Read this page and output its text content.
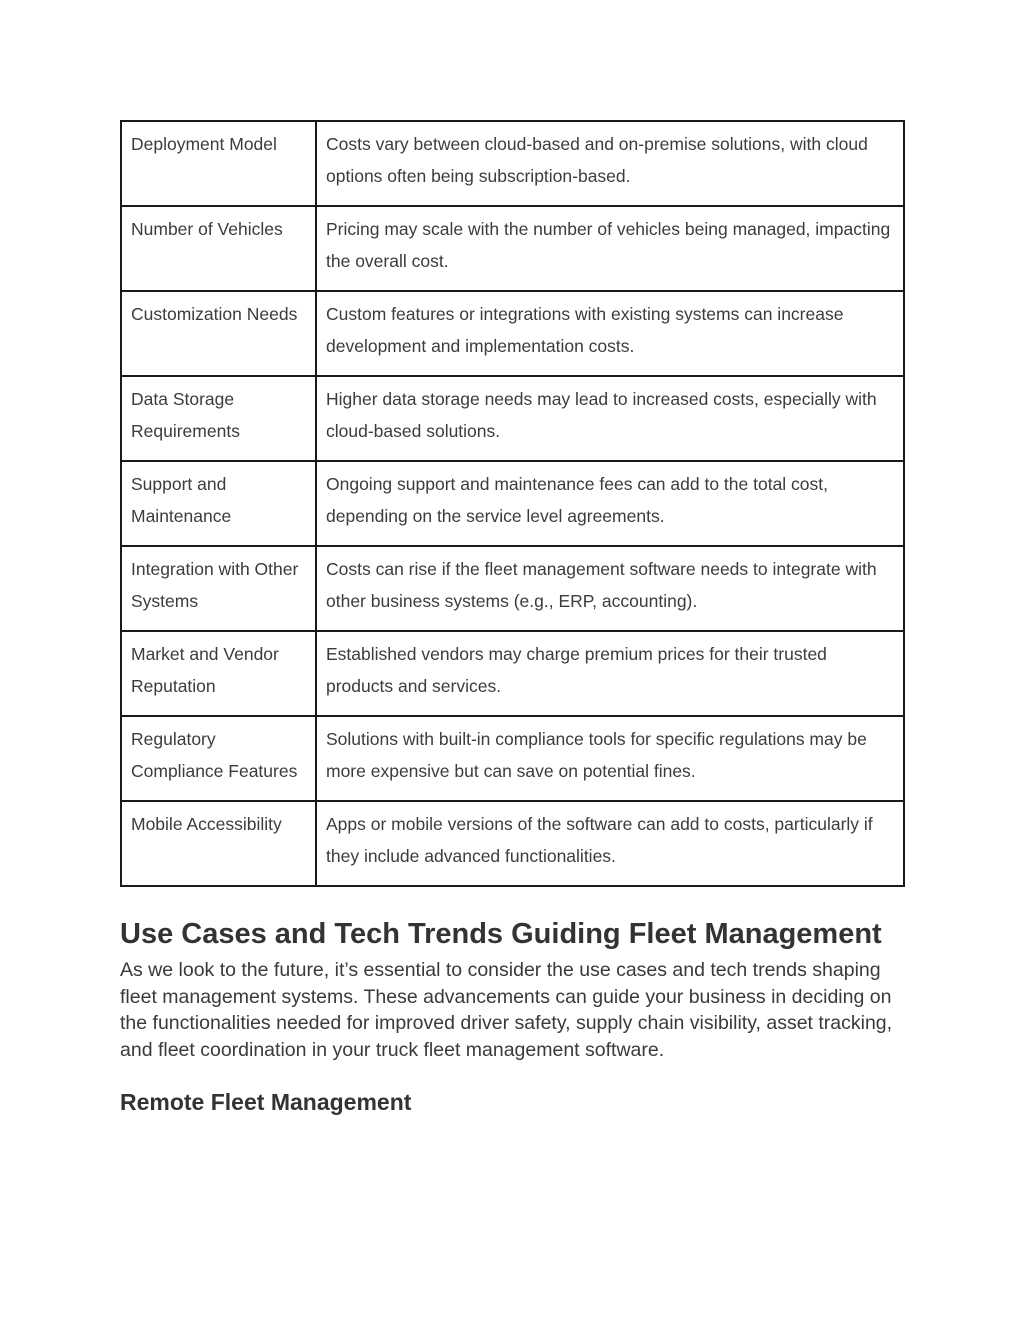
Deployment Model	Costs vary between cloud-based and on-premise solutions, with cloud options often being subscription-based.
Number of Vehicles	Pricing may scale with the number of vehicles being managed, impacting the overall cost.
Customization Needs	Custom features or integrations with existing systems can increase development and implementation costs.
Data Storage Requirements	Higher data storage needs may lead to increased costs, especially with cloud-based solutions.
Support and Maintenance	Ongoing support and maintenance fees can add to the total cost, depending on the service level agreements.
Integration with Other Systems	Costs can rise if the fleet management software needs to integrate with other business systems (e.g., ERP, accounting).
Market and Vendor Reputation	Established vendors may charge premium prices for their trusted products and services.
Regulatory Compliance Features	Solutions with built-in compliance tools for specific regulations may be more expensive but can save on potential fines.
Mobile Accessibility	Apps or mobile versions of the software can add to costs, particularly if they include advanced functionalities.
Use Cases and Tech Trends Guiding Fleet Management

As we look to the future, it’s essential to consider the use cases and tech trends shaping fleet management systems. These advancements can guide your business in deciding on the functionalities needed for improved driver safety, supply chain visibility, asset tracking, and fleet coordination in your truck fleet management software.

Remote Fleet Management
